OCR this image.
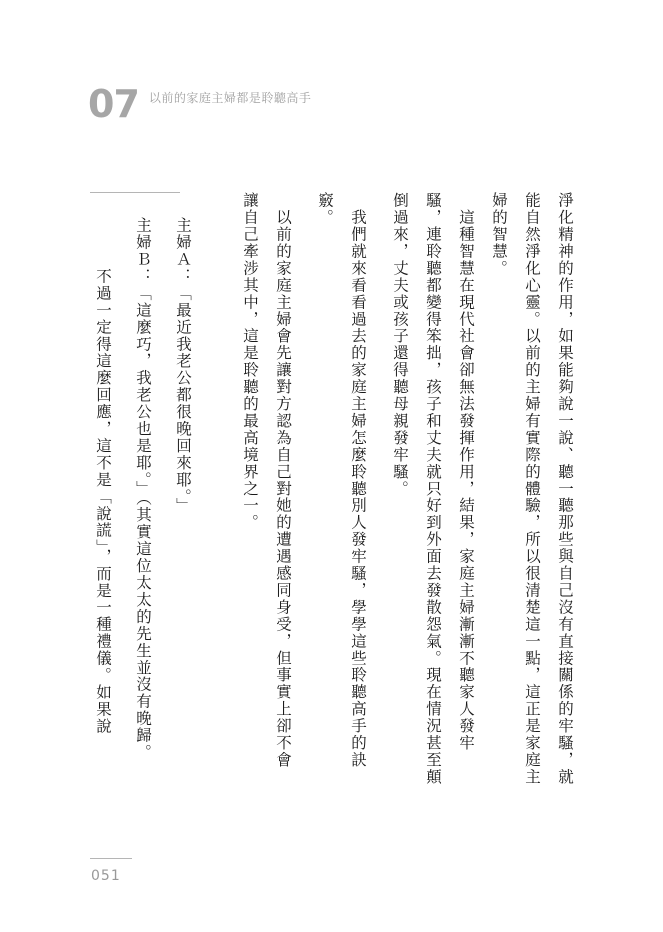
07 以前的家庭主婦都是聆聽高手
淨化精神的作用，如果能夠說一說、聽一聽那些與自己沒有直接關係的牢騷，就
能自然淨化心靈。以前的主婦有實際的體驗，所以很清楚這一點，這正是家庭主
婦的智慧。
　這種智慧在現代社會卻無法發揮作用，結果，家庭主婦漸漸不聽家人發牢
騷，連聆聽都變得笨拙，孩子和丈夫就只好到外面去發散怨氣。現在情況甚至顛
倒過來，丈夫或孩子還得聽母親發牢騷。
　我們就來看看過去的家庭主婦怎麼聆聽別人發牢騷，學學這些聆聽高手的訣
竅。
　以前的家庭主婦會先讓對方認為自己對她的遭遇感同身受，但事實上卻不會
讓自己牽涉其中，這是聆聽的最高境界之一。
主婦Ａ：「最近我老公都很晚回來耶。」
主婦Ｂ：「這麼巧，我老公也是耶。」（其實這位太太的先生並沒有晚歸。
　　　不過一定得這麼回應，這不是「說謊」，而是一種禮儀。如果說
051
